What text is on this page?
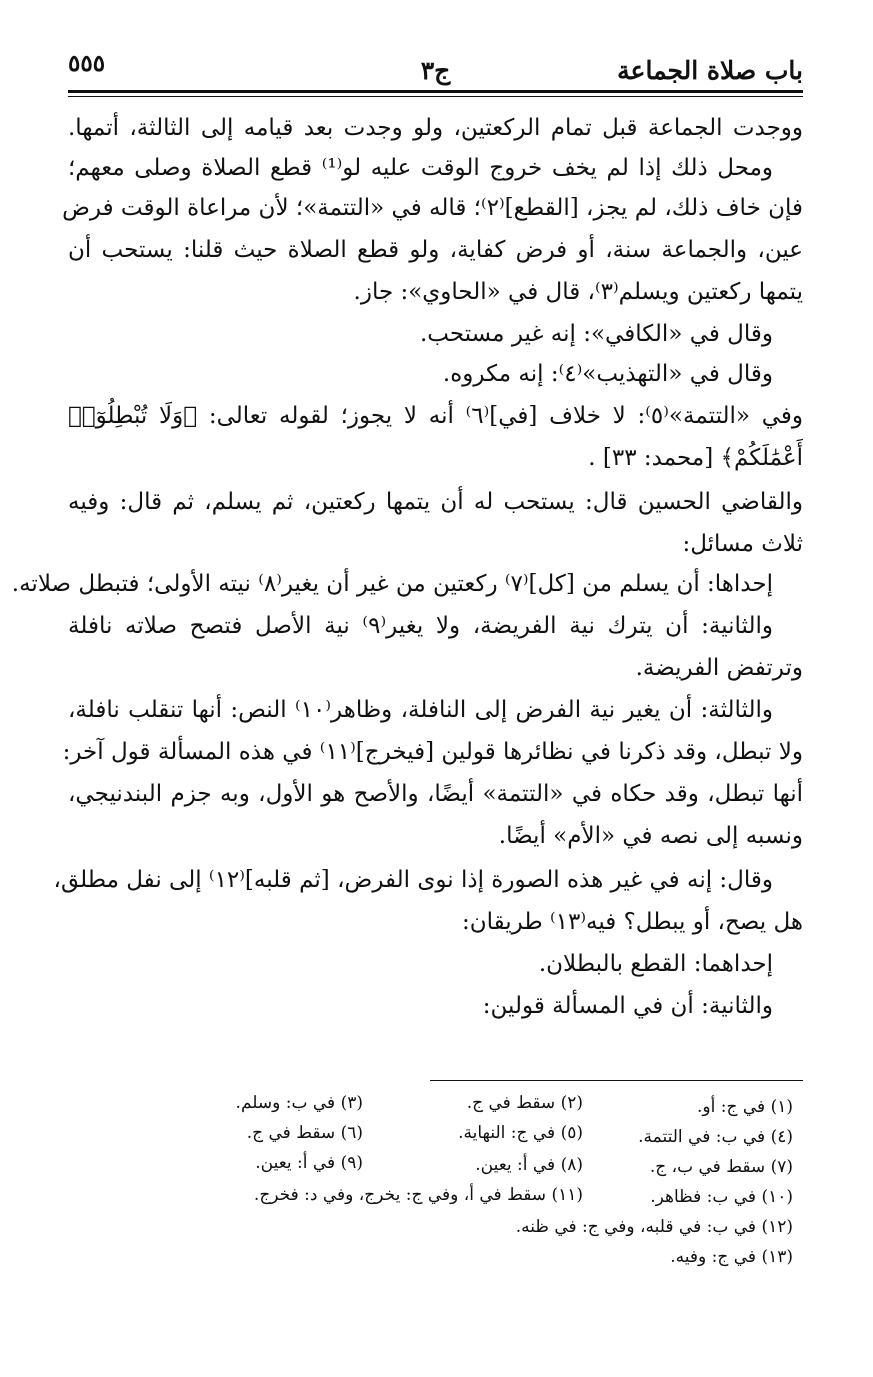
باب صلاة الجماعة
ج٣
٥٥٥
ووجدت الجماعة قبل تمام الركعتين، ولو وجدت بعد قيامه إلى الثالثة، أتمها.
ومحل ذلك إذا لم يخف خروج الوقت عليه لو⁽¹⁾ قطع الصلاة وصلى معهم؛
فإن خاف ذلك، لم يجز، [القطع]⁽٢⁾؛ قاله في «التتمة»؛ لأن مراعاة الوقت فرض
عين، والجماعة سنة، أو فرض كفاية، ولو قطع الصلاة حيث قلنا: يستحب أن
يتمها ركعتين ويسلم⁽٣⁾، قال في «الحاوي»: جاز.
وقال في «الكافي»: إنه غير مستحب.
وقال في «التهذيب»⁽٤⁾: إنه مكروه.
وفي «التتمة»⁽٥⁾: لا خلاف [في]⁽٦⁾ أنه لا يجوز؛ لقوله تعالى: ﴿وَلَا تُبْطِلُوٓا۟
أَعْمَٰلَكُمْ﴾ [محمد: ٣٣] .
والقاضي الحسين قال: يستحب له أن يتمها ركعتين، ثم يسلم، ثم قال: وفيه
ثلاث مسائل:
إحداها: أن يسلم من [كل]⁽٧⁾ ركعتين من غير أن يغير⁽٨⁾ نيته الأولى؛ فتبطل صلاته.
والثانية: أن يترك نية الفريضة، ولا يغير⁽٩⁾ نية الأصل فتصح صلاته نافلة
وترتفض الفريضة.
والثالثة: أن يغير نية الفرض إلى النافلة، وظاهر⁽١٠⁾ النص: أنها تنقلب نافلة،
ولا تبطل، وقد ذكرنا في نظائرها قولين [فيخرج]⁽١١⁾ في هذه المسألة قول آخر:
أنها تبطل، وقد حكاه في «التتمة» أيضًا، والأصح هو الأول، وبه جزم البندنيجي،
ونسبه إلى نصه في «الأم» أيضًا.
وقال: إنه في غير هذه الصورة إذا نوى الفرض، [ثم قلبه]⁽١٢⁾ إلى نفل مطلق،
هل يصح، أو يبطل؟ فيه⁽١٣⁾ طريقان:
إحداهما: القطع بالبطلان.
والثانية: أن في المسألة قولين:
(١) في ج: أو.
(٢) سقط في ج.
(٣) في ب: وسلم.
(٤) في ب: في التتمة.
(٥) في ج: النهاية.
(٦) سقط في ج.
(٧) سقط في ب، ج.
(٨) في أ: يعين.
(٩) في أ: يعين.
(١٠) في ب: فظاهر.
(١١) سقط في أ، وفي ج: يخرج، وفي د: فخرج.
(١٢) في ب: في قلبه، وفي ج: في ظنه.
(١٣) في ج: وفيه.
